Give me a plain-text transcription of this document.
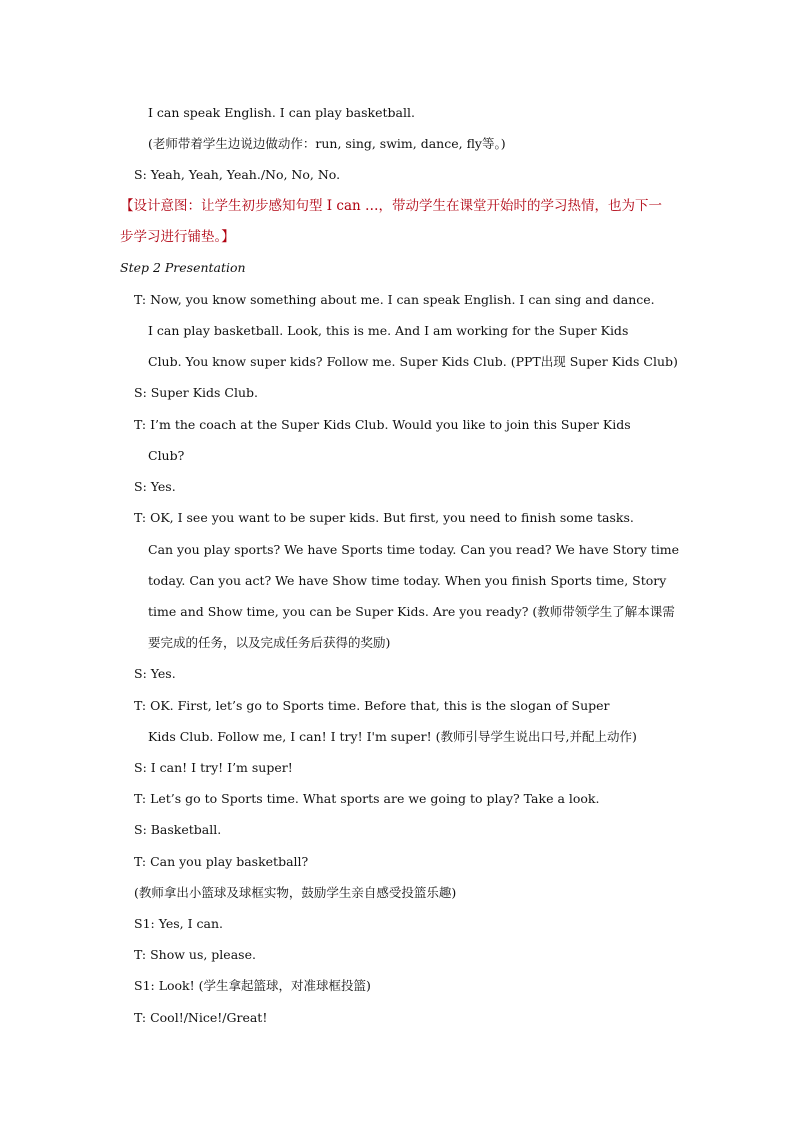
I can speak English. I can play basketball.
(老师带着学生边说边做动作：run, sing, swim, dance, fly等。)
S: Yeah, Yeah, Yeah./No, No, No.
【设计意图：让学生初步感知句型 I can …，带动学生在课堂开始时的学习热情，也为下一
步学习进行铺垫。】
Step 2 Presentation
T: Now, you know something about me. I can speak English. I can sing and dance.
I can play basketball. Look, this is me. And I am working for the Super Kids
Club. You know super kids? Follow me. Super Kids Club. (PPT出现 Super Kids Club)
S: Super Kids Club.
T: I’m the coach at the Super Kids Club. Would you like to join this Super Kids
Club?
S: Yes.
T: OK, I see you want to be super kids. But first, you need to finish some tasks.
Can you play sports? We have Sports time today. Can you read? We have Story time
today. Can you act? We have Show time today. When you finish Sports time, Story
time and Show time, you can be Super Kids. Are you ready? (教师带领学生了解本课需
要完成的任务，以及完成任务后获得的奖励)
S: Yes.
T: OK. First, let’s go to Sports time. Before that, this is the slogan of Super
Kids Club. Follow me, I can! I try! I'm super! (教师引导学生说出口号,并配上动作)
S: I can! I try! I’m super!
T: Let’s go to Sports time. What sports are we going to play? Take a look.
S: Basketball.
T: Can you play basketball?
(教师拿出小篮球及球框实物，鼓励学生亲自感受投篮乐趣)
S1: Yes, I can.
T: Show us, please.
S1: Look! (学生拿起篮球，对准球框投篮)
T: Cool!/Nice!/Great!
